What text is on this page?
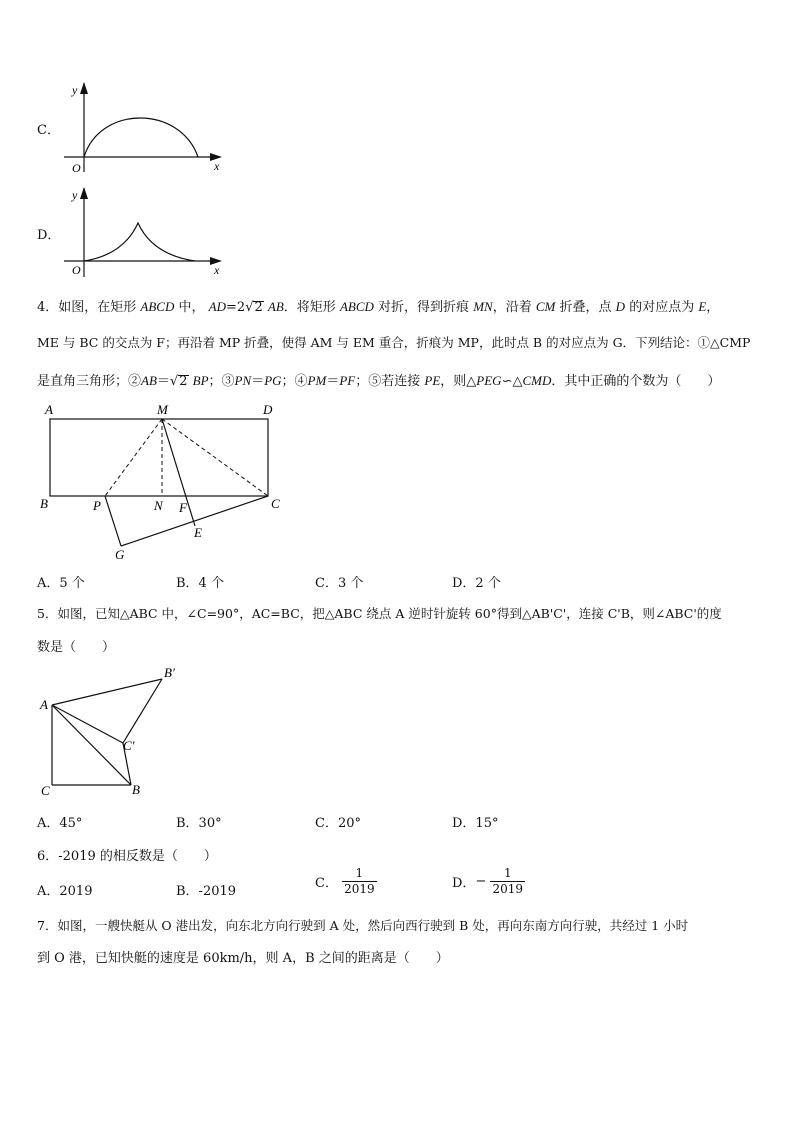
C．
y
x
O
D．
y
x
O
4．如图，在矩形 ABCD 中， AD=2√2 AB．将矩形 ABCD 对折，得到折痕 MN，沿着 CM 折叠，点 D 的对应点为 E，
ME 与 BC 的交点为 F；再沿着 MP 折叠，使得 AM 与 EM 重合，折痕为 MP，此时点 B 的对应点为 G．下列结论：①△CMP
是直角三角形；②AB＝√2 BP；③PN＝PG；④PM＝PF；⑤若连接 PE，则△PEG∽△CMD．其中正确的个数为（　　）
A	M	D
B	P	N F	C
E
G
A．5 个	B．4 个	C．3 个	D．2 个
5．如图，已知△ABC 中，∠C=90°，AC=BC，把△ABC 绕点 A 逆时针旋转 60°得到△AB'C'，连接 C'B，则∠ABC'的度
数是（　　）
A
B′
C′
C	B
A．45°	B．30°	C．20°	D．15°
6．-2019 的相反数是（　　）
A．2019	B．-2019
C． $\frac{1}{2019}$	D．− $\frac{1}{2019}$
7．如图，一艘快艇从 O 港出发，向东北方向行驶到 A 处，然后向西行驶到 B 处，再向东南方向行驶，共经过 1 小时
到 O 港，已知快艇的速度是 60km/h，则 A，B 之间的距离是（　　）
